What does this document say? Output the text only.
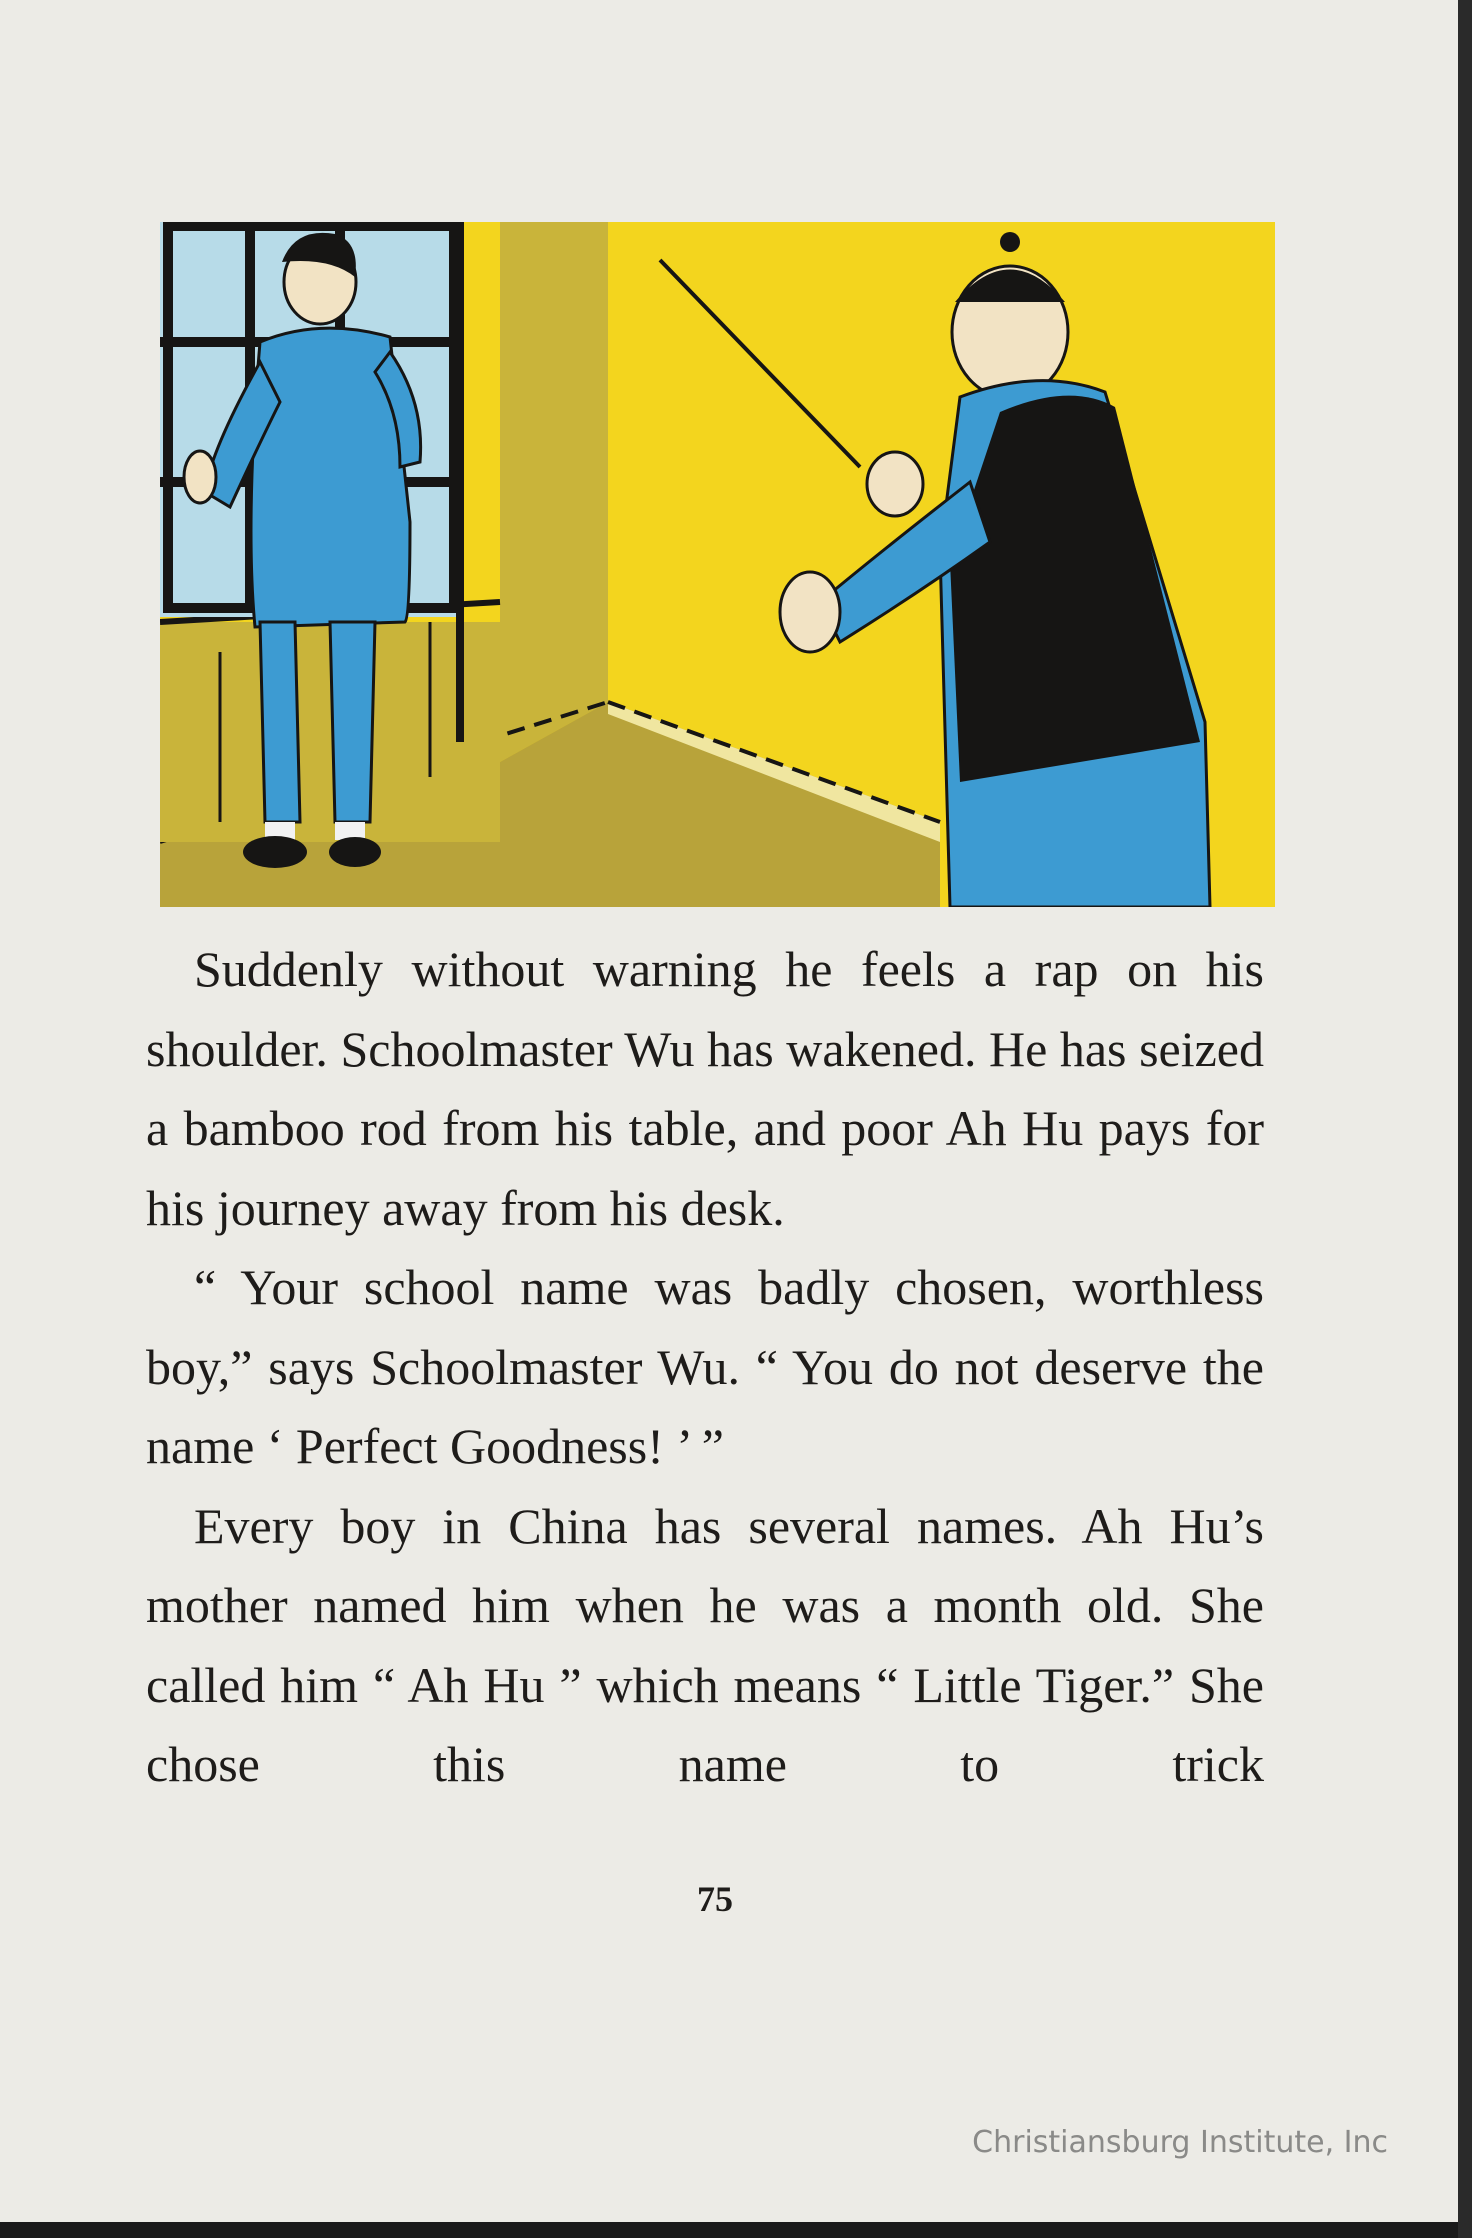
Suddenly without warning he feels a rap on his shoulder. Schoolmaster Wu has wakened. He has seized a bamboo rod from his table, and poor Ah Hu pays for his journey away from his desk.

“ Your school name was badly chosen, worthless boy,” says Schoolmaster Wu. “ You do not deserve the name ‘ Perfect Goodness! ’ ”

Every boy in China has several names. Ah Hu’s mother named him when he was a month old. She called him “ Ah Hu ” which means “ Little Tiger.” She chose this name to trick

75
Christiansburg Institute, Inc
